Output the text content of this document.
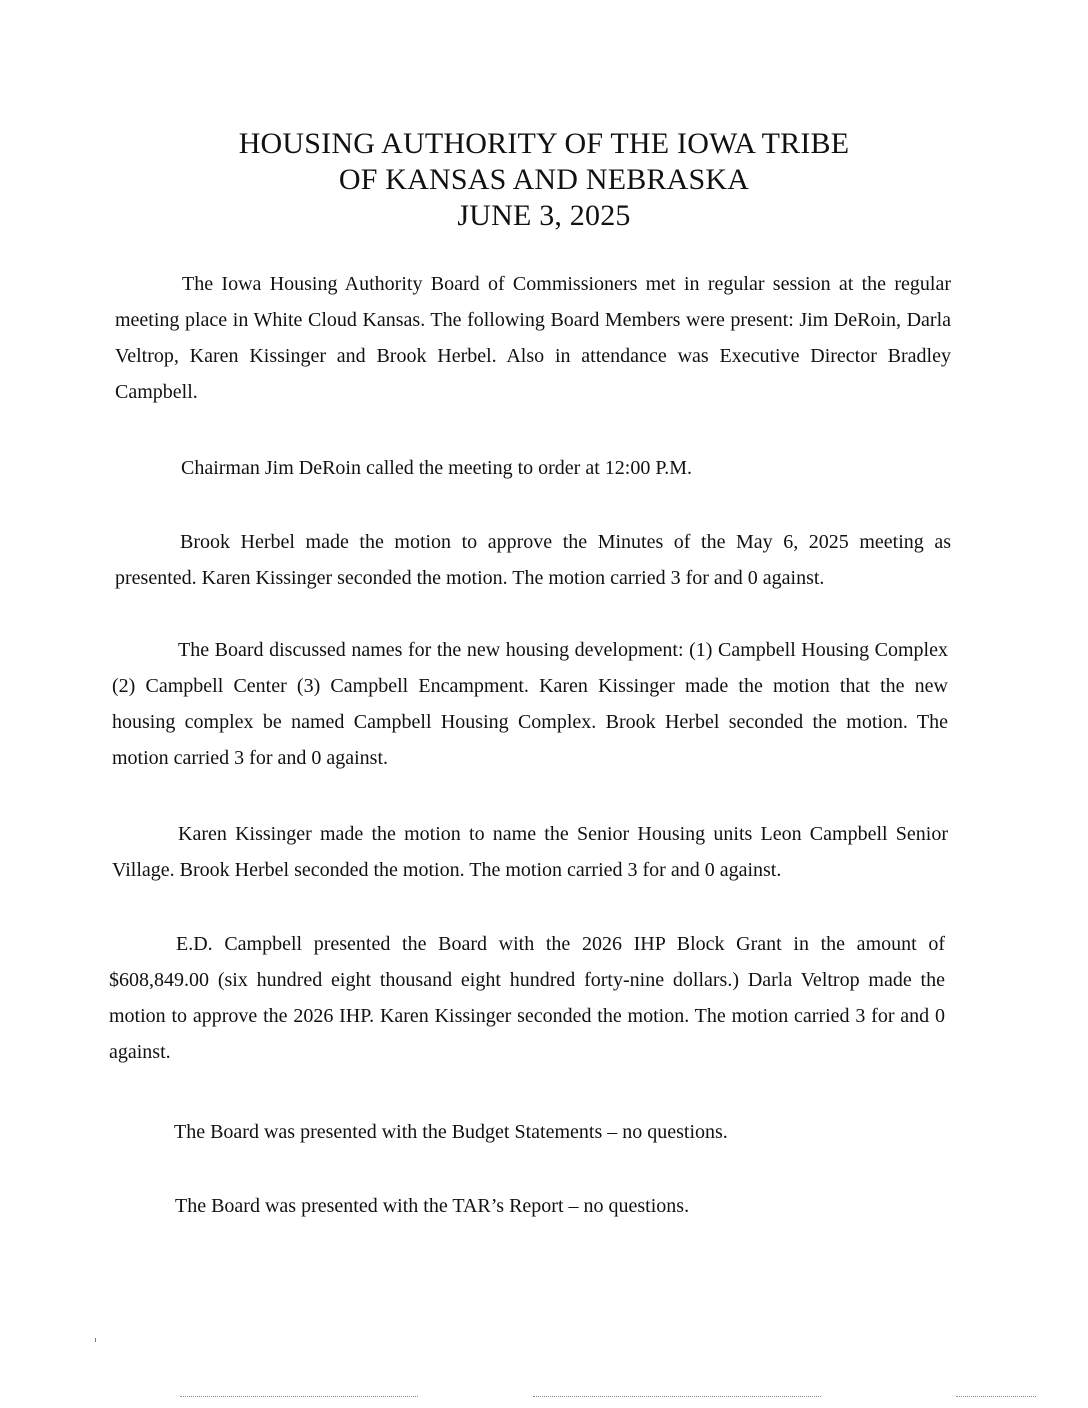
HOUSING AUTHORITY OF THE IOWA TRIBE
OF KANSAS AND NEBRASKA
JUNE 3, 2025
The Iowa Housing Authority Board of Commissioners met in regular session at the regular meeting place in White Cloud Kansas. The following Board Members were present: Jim DeRoin, Darla Veltrop, Karen Kissinger and Brook Herbel. Also in attendance was Executive Director Bradley Campbell.
Chairman Jim DeRoin called the meeting to order at 12:00 P.M.
Brook Herbel made the motion to approve the Minutes of the May 6, 2025 meeting as presented. Karen Kissinger seconded the motion. The motion carried 3 for and 0 against.
The Board discussed names for the new housing development: (1) Campbell Housing Complex (2) Campbell Center (3) Campbell Encampment. Karen Kissinger made the motion that the new housing complex be named Campbell Housing Complex. Brook Herbel seconded the motion. The motion carried 3 for and 0 against.
Karen Kissinger made the motion to name the Senior Housing units Leon Campbell Senior Village. Brook Herbel seconded the motion. The motion carried 3 for and 0 against.
E.D. Campbell presented the Board with the 2026 IHP Block Grant in the amount of $608,849.00 (six hundred eight thousand eight hundred forty-nine dollars.) Darla Veltrop made the motion to approve the 2026 IHP. Karen Kissinger seconded the motion. The motion carried 3 for and 0 against.
The Board was presented with the Budget Statements – no questions.
The Board was presented with the TAR’s Report – no questions.
